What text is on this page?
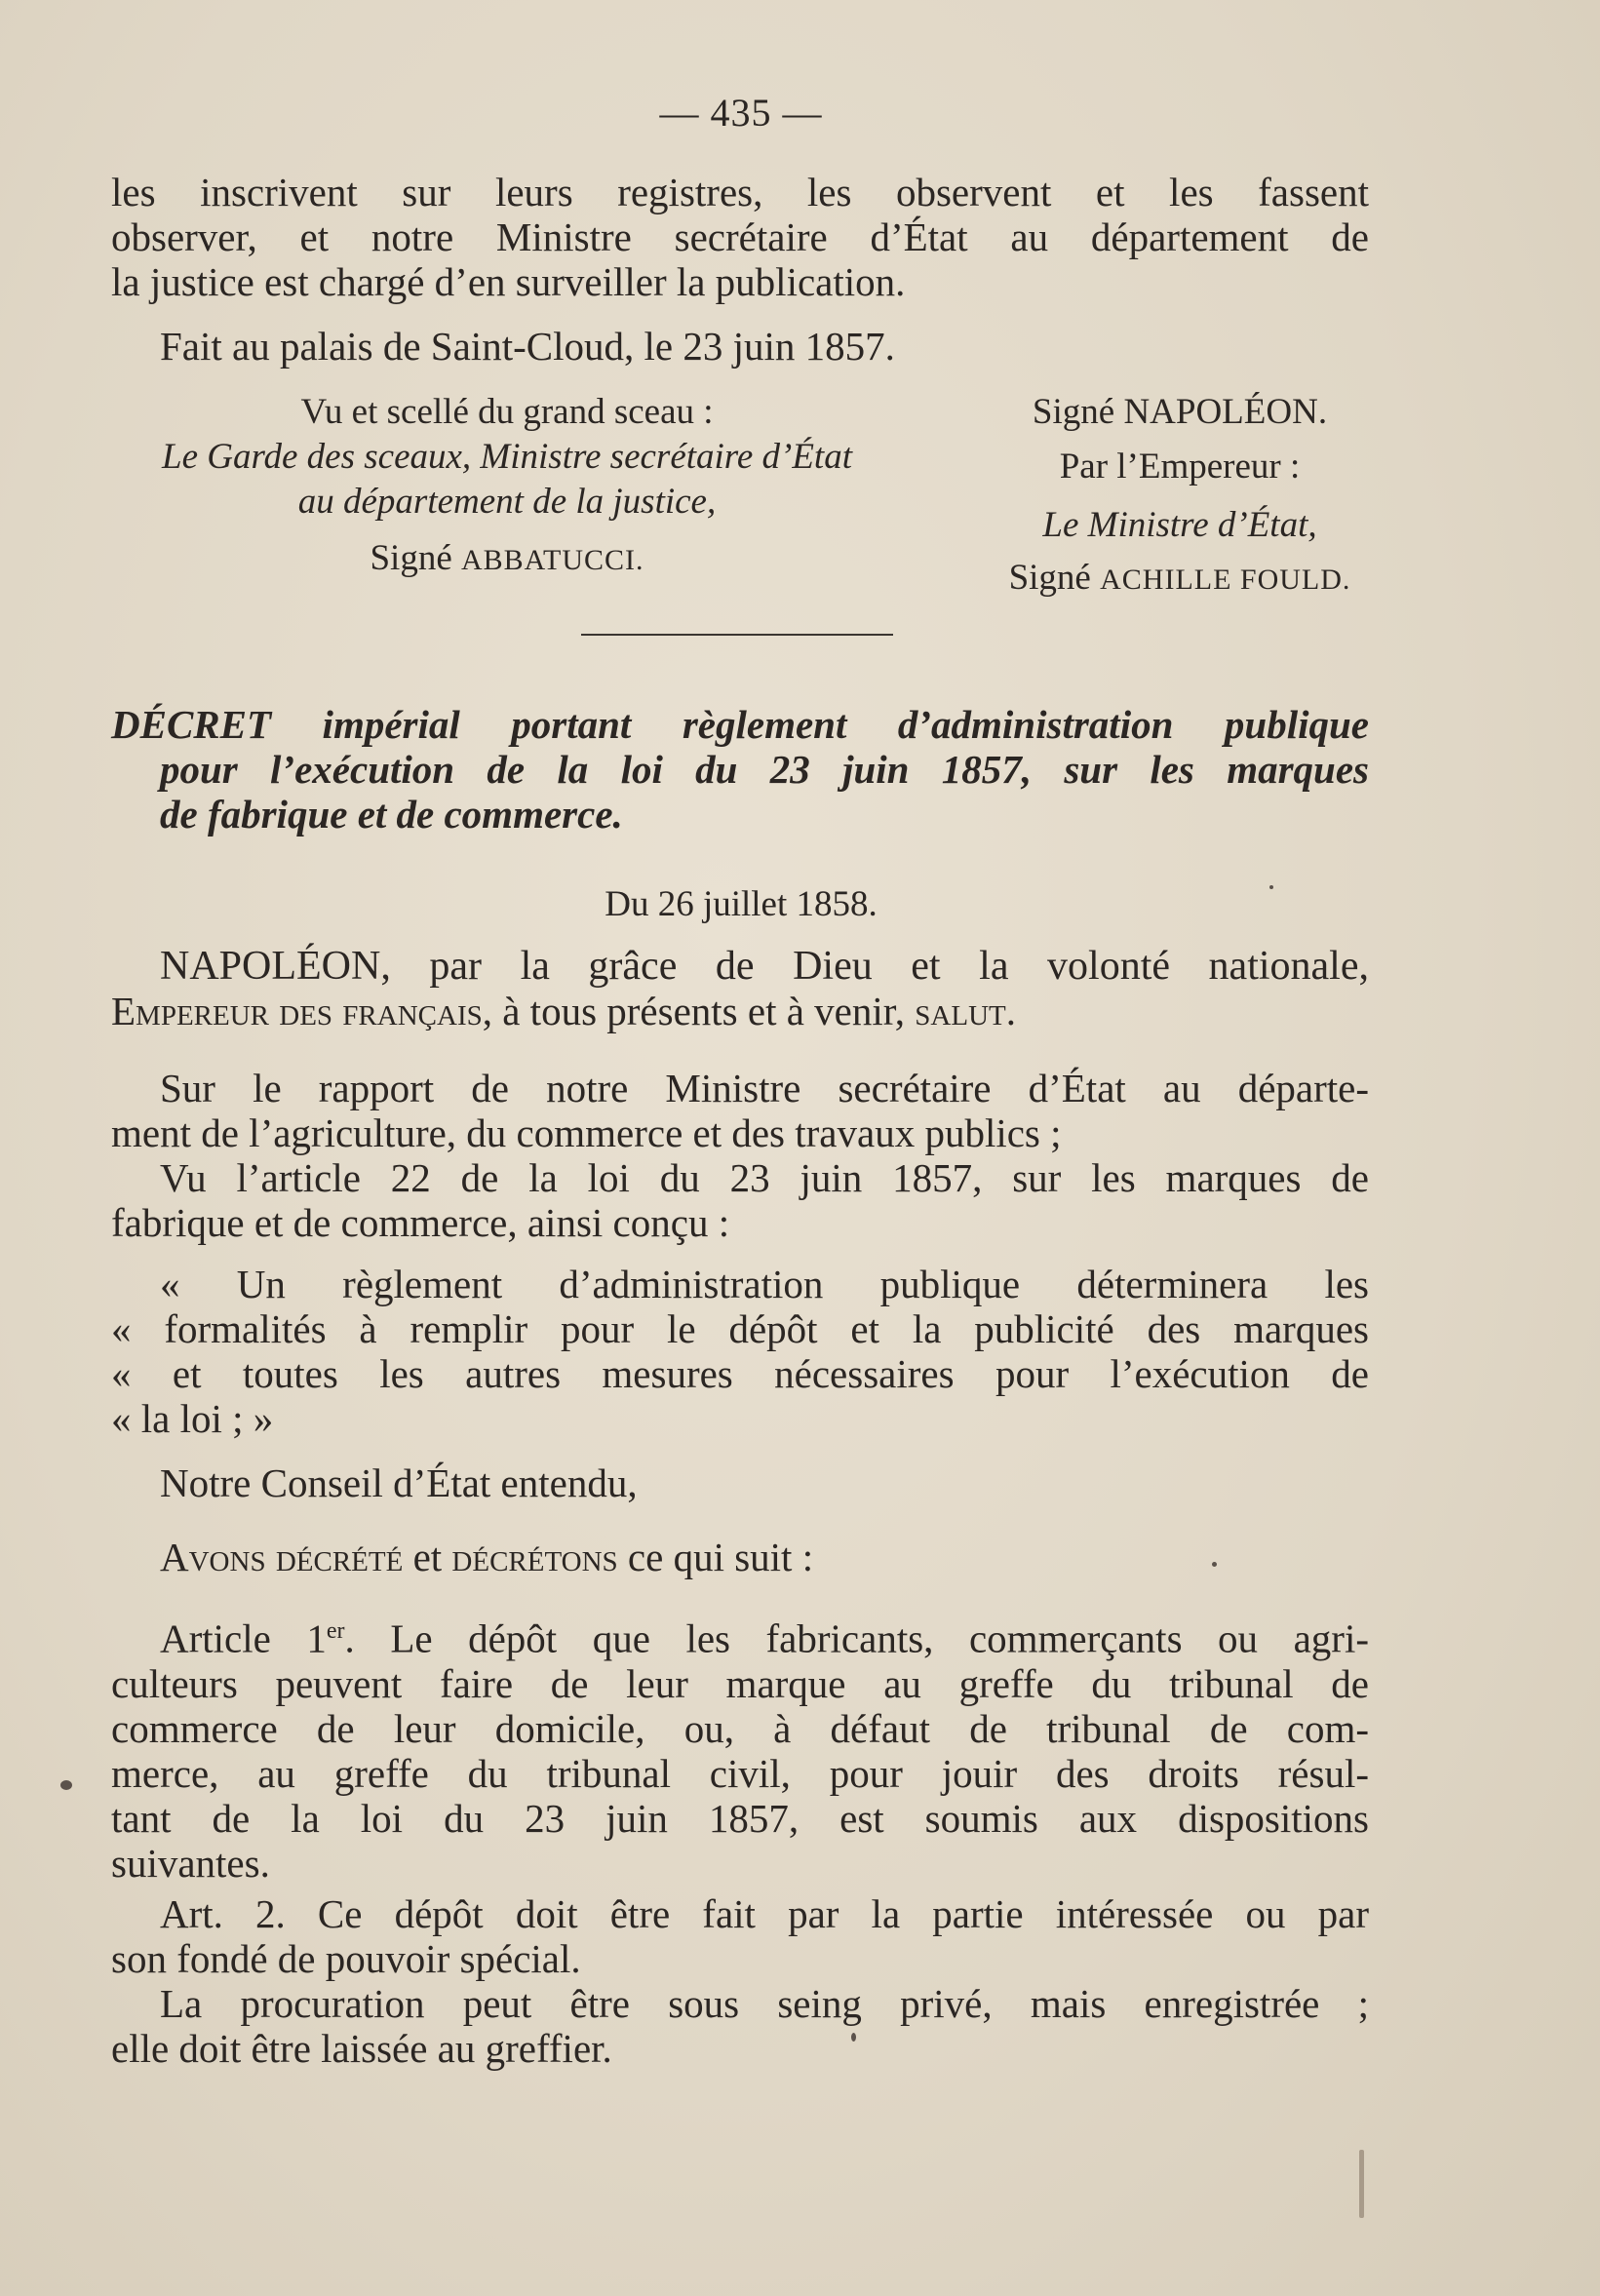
— 435 —
les inscrivent sur leurs registres, les observent et les fassent
observer, et notre Ministre secrétaire d’État au département de
la justice est chargé d’en surveiller la publication.
Fait au palais de Saint-Cloud, le 23 juin 1857.
Vu et scellé du grand sceau :
Le Garde des sceaux, Ministre secrétaire d’État
au département de la justice,
Signé ABBATUCCI.
Signé NAPOLÉON.
Par l’Empereur :
Le Ministre d’État,
Signé ACHILLE FOULD.
DÉCRET impérial portant règlement d’administration publique
pour l’exécution de la loi du 23 juin 1857, sur les marques
de fabrique et de commerce.
Du 26 juillet 1858.
NAPOLÉON, par la grâce de Dieu et la volonté nationale,
Empereur des français, à tous présents et à venir, salut.
Sur le rapport de notre Ministre secrétaire d’État au départe-
ment de l’agriculture, du commerce et des travaux publics ;
Vu l’article 22 de la loi du 23 juin 1857, sur les marques de
fabrique et de commerce, ainsi conçu :
« Un règlement d’administration publique déterminera les
« formalités à remplir pour le dépôt et la publicité des marques
« et toutes les autres mesures nécessaires pour l’exécution de
« la loi ; »
Notre Conseil d’État entendu,
Avons décrété et décrétons ce qui suit :
Article 1er. Le dépôt que les fabricants, commerçants ou agri-
culteurs peuvent faire de leur marque au greffe du tribunal de
commerce de leur domicile, ou, à défaut de tribunal de com-
merce, au greffe du tribunal civil, pour jouir des droits résul-
tant de la loi du 23 juin 1857, est soumis aux dispositions
suivantes.
Art. 2. Ce dépôt doit être fait par la partie intéressée ou par
son fondé de pouvoir spécial.
La procuration peut être sous seing privé, mais enregistrée ;
elle doit être laissée au greffier.
